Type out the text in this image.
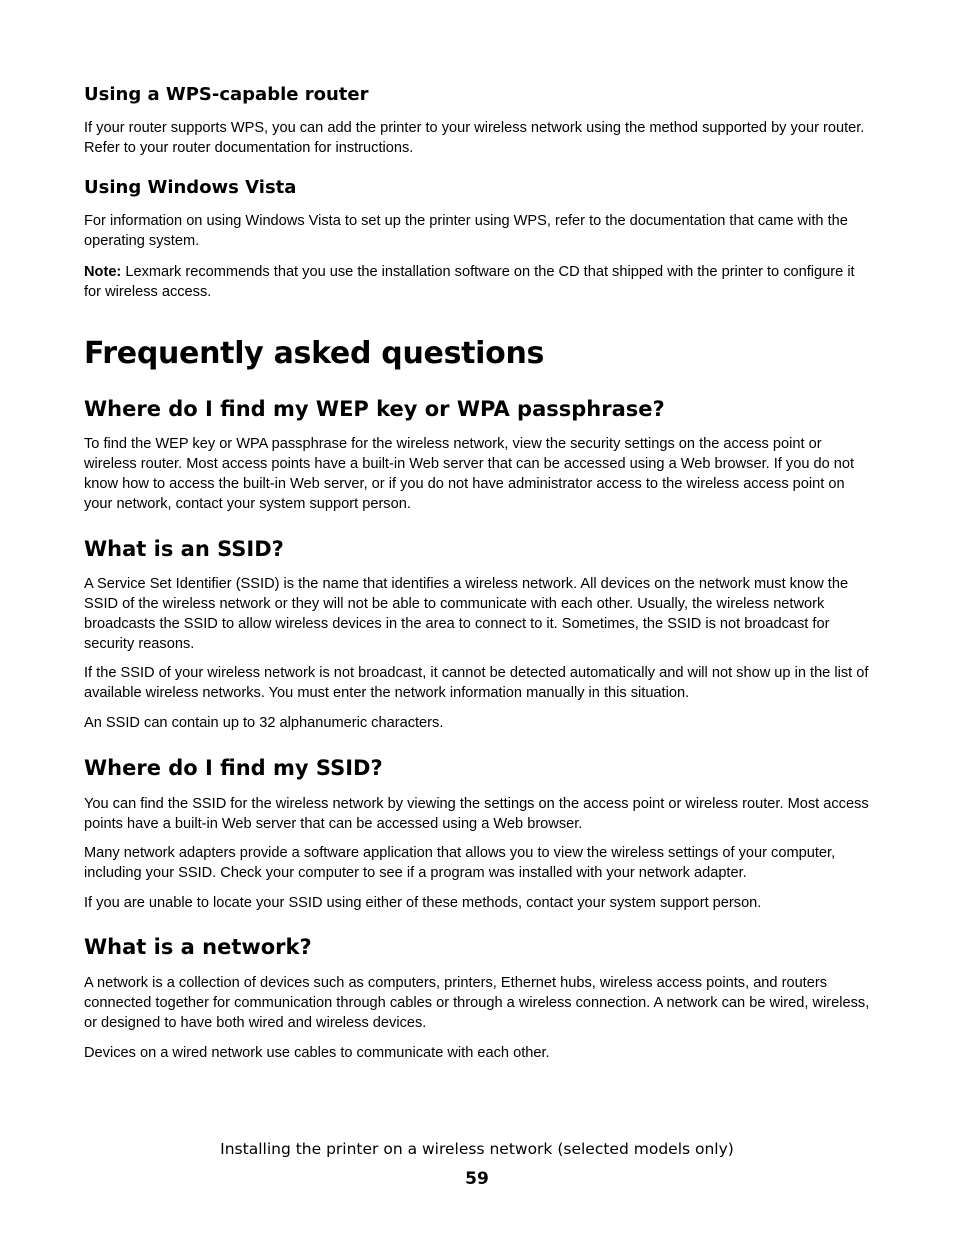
Using a WPS-capable router

If your router supports WPS, you can add the printer to your wireless network using the method supported by your router. Refer to your router documentation for instructions.

Using Windows Vista

For information on using Windows Vista to set up the printer using WPS, refer to the documentation that came with the operating system.

Note: Lexmark recommends that you use the installation software on the CD that shipped with the printer to configure it for wireless access.

Frequently asked questions
Where do I find my WEP key or WPA passphrase?

To find the WEP key or WPA passphrase for the wireless network, view the security settings on the access point or wireless router. Most access points have a built-in Web server that can be accessed using a Web browser. If you do not know how to access the built-in Web server, or if you do not have administrator access to the wireless access point on your network, contact your system support person.

What is an SSID?

A Service Set Identifier (SSID) is the name that identifies a wireless network. All devices on the network must know the SSID of the wireless network or they will not be able to communicate with each other. Usually, the wireless network broadcasts the SSID to allow wireless devices in the area to connect to it. Sometimes, the SSID is not broadcast for security reasons.

If the SSID of your wireless network is not broadcast, it cannot be detected automatically and will not show up in the list of available wireless networks. You must enter the network information manually in this situation.

An SSID can contain up to 32 alphanumeric characters.

Where do I find my SSID?

You can find the SSID for the wireless network by viewing the settings on the access point or wireless router. Most access points have a built-in Web server that can be accessed using a Web browser.

Many network adapters provide a software application that allows you to view the wireless settings of your computer, including your SSID. Check your computer to see if a program was installed with your network adapter.

If you are unable to locate your SSID using either of these methods, contact your system support person.

What is a network?

A network is a collection of devices such as computers, printers, Ethernet hubs, wireless access points, and routers connected together for communication through cables or through a wireless connection. A network can be wired, wireless, or designed to have both wired and wireless devices.

Devices on a wired network use cables to communicate with each other.

Installing the printer on a wireless network (selected models only)
59
